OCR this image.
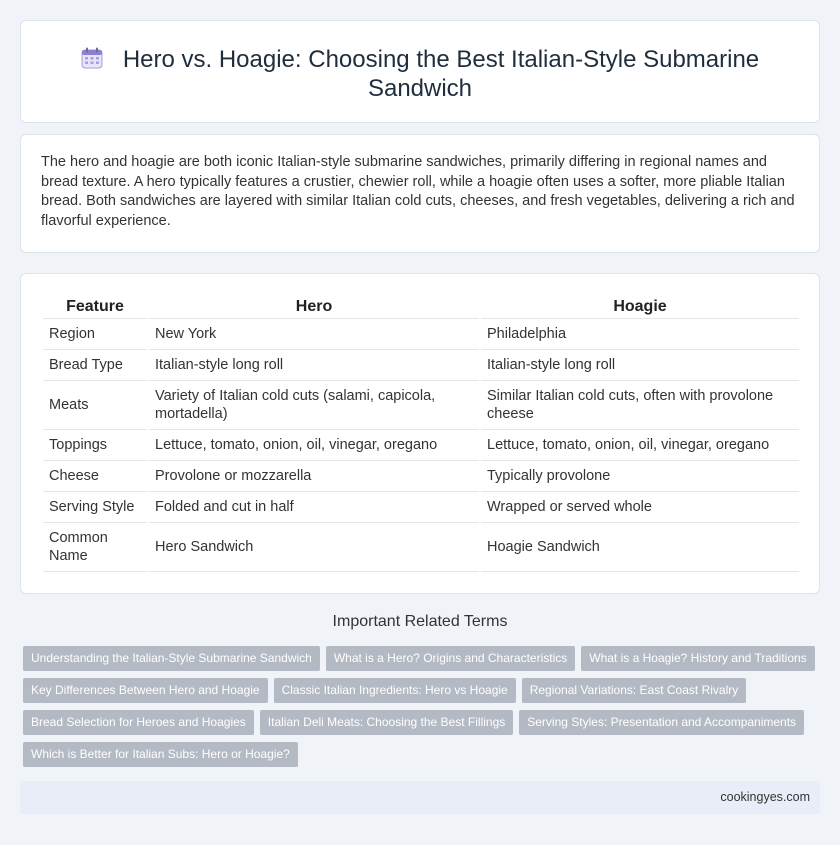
Hero vs. Hoagie: Choosing the Best Italian-Style Submarine Sandwich

The hero and hoagie are both iconic Italian-style submarine sandwiches, primarily differing in regional names and bread texture. A hero typically features a crustier, chewier roll, while a hoagie often uses a softer, more pliable Italian bread. Both sandwiches are layered with similar Italian cold cuts, cheeses, and fresh vegetables, delivering a rich and flavorful experience.

Feature	Hero	Hoagie
Region	New York	Philadelphia
Bread Type	Italian-style long roll	Italian-style long roll
Meats	Variety of Italian cold cuts (salami, capicola, mortadella)	Similar Italian cold cuts, often with provolone cheese
Toppings	Lettuce, tomato, onion, oil, vinegar, oregano	Lettuce, tomato, onion, oil, vinegar, oregano
Cheese	Provolone or mozzarella	Typically provolone
Serving Style	Folded and cut in half	Wrapped or served whole
Common Name	Hero Sandwich	Hoagie Sandwich
Important Related Terms
Understanding the Italian-Style Submarine Sandwich What is a Hero? Origins and Characteristics What is a Hoagie? History and Traditions
Key Differences Between Hero and Hoagie Classic Italian Ingredients: Hero vs Hoagie Regional Variations: East Coast Rivalry
Bread Selection for Heroes and Hoagies Italian Deli Meats: Choosing the Best Fillings Serving Styles: Presentation and Accompaniments
Which is Better for Italian Subs: Hero or Hoagie?
cookingyes.com
